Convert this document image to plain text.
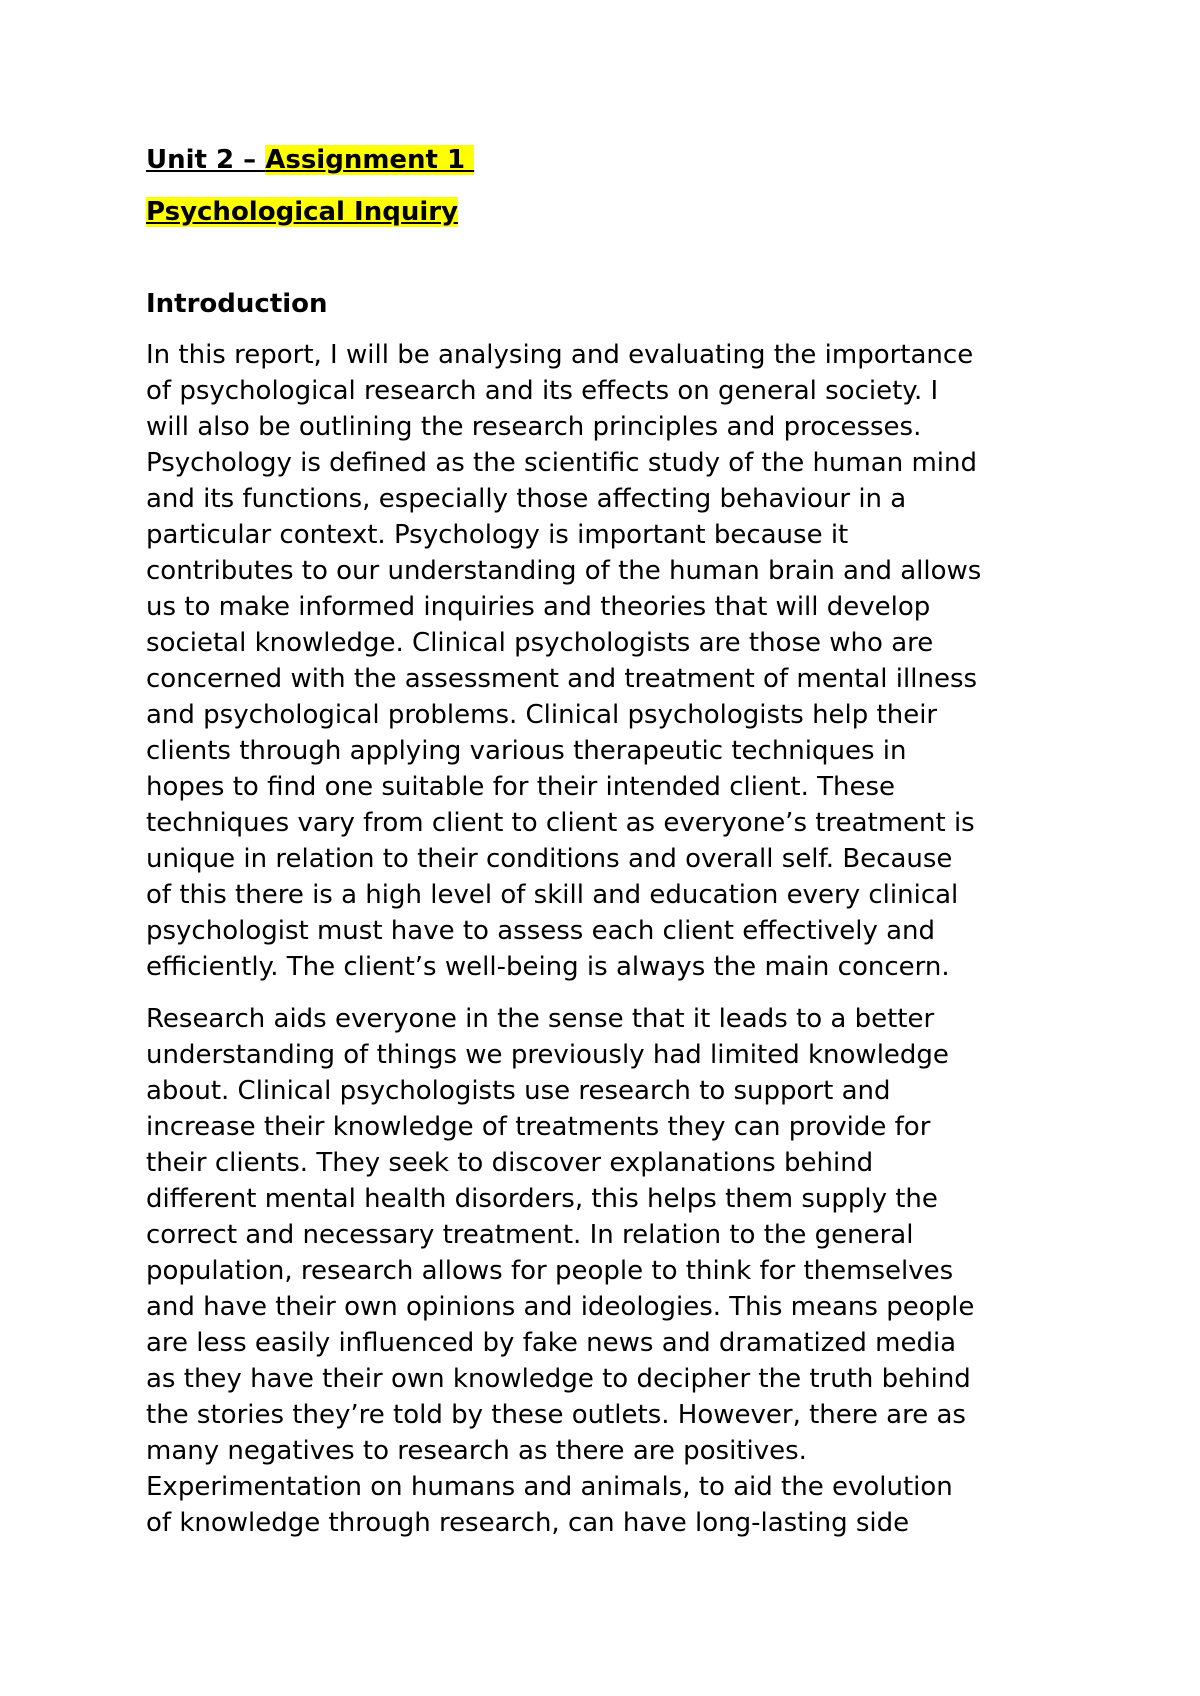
Unit 2 – Assignment 1
Psychological Inquiry
Introduction
In this report, I will be analysing and evaluating the importance
of psychological research and its effects on general society. I
will also be outlining the research principles and processes.
Psychology is defined as the scientific study of the human mind
and its functions, especially those affecting behaviour in a
particular context. Psychology is important because it
contributes to our understanding of the human brain and allows
us to make informed inquiries and theories that will develop
societal knowledge. Clinical psychologists are those who are
concerned with the assessment and treatment of mental illness
and psychological problems. Clinical psychologists help their
clients through applying various therapeutic techniques in
hopes to find one suitable for their intended client. These
techniques vary from client to client as everyone’s treatment is
unique in relation to their conditions and overall self. Because
of this there is a high level of skill and education every clinical
psychologist must have to assess each client effectively and
efficiently. The client’s well-being is always the main concern.
Research aids everyone in the sense that it leads to a better
understanding of things we previously had limited knowledge
about. Clinical psychologists use research to support and
increase their knowledge of treatments they can provide for
their clients. They seek to discover explanations behind
different mental health disorders, this helps them supply the
correct and necessary treatment. In relation to the general
population, research allows for people to think for themselves
and have their own opinions and ideologies. This means people
are less easily influenced by fake news and dramatized media
as they have their own knowledge to decipher the truth behind
the stories they’re told by these outlets. However, there are as
many negatives to research as there are positives.
Experimentation on humans and animals, to aid the evolution
of knowledge through research, can have long-lasting side
